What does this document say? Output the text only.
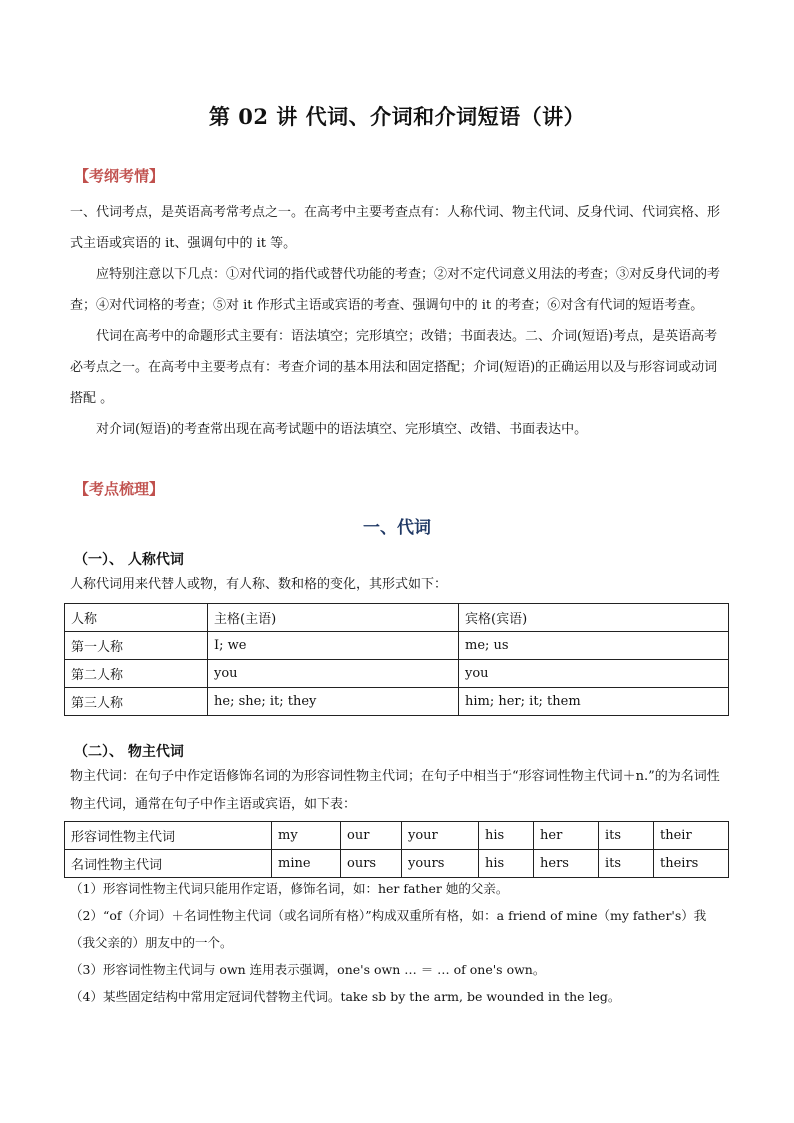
第 02 讲 代词、介词和介词短语（讲）
【考纲考情】
一、代词考点，是英语高考常考点之一。在高考中主要考查点有：人称代词、物主代词、反身代词、代词宾格、形式主语或宾语的 it、强调句中的 it 等。
应特别注意以下几点：①对代词的指代或替代功能的考查；②对不定代词意义用法的考查；③对反身代词的考查；④对代词格的考查；⑤对 it 作形式主语或宾语的考查、强调句中的 it 的考查；⑥对含有代词的短语考查。
代词在高考中的命题形式主要有：语法填空；完形填空；改错；书面表达。二、介词(短语)考点，是英语高考必考点之一。在高考中主要考点有：考查介词的基本用法和固定搭配；介词(短语)的正确运用以及与形容词或动词搭配 。
对介词(短语)的考查常出现在高考试题中的语法填空、完形填空、改错、书面表达中。
【考点梳理】
一、代词
（一）、 人称代词
人称代词用来代替人或物，有人称、数和格的变化，其形式如下：
人称	主格(主语)	宾格(宾语)
第一人称	I; we	me; us
第二人称	you	you
第三人称	he; she; it; they	him; her; it; them
（二）、 物主代词
物主代词：在句子中作定语修饰名词的为形容词性物主代词；在句子中相当于“形容词性物主代词＋n.”的为名词性物主代词，通常在句子中作主语或宾语，如下表：
形容词性物主代词	my	our	your	his	her	its	their
名词性物主代词	mine	ours	yours	his	hers	its	theirs
（1）形容词性物主代词只能用作定语，修饰名词，如：her father 她的父亲。
（2）“of（介词）＋名词性物主代词（或名词所有格）”构成双重所有格，如：a friend of mine（my father's）我（我父亲的）朋友中的一个。
（3）形容词性物主代词与 own 连用表示强调，one's own … ＝ … of one's own。
（4）某些固定结构中常用定冠词代替物主代词。take sb by the arm, be wounded in the leg。
